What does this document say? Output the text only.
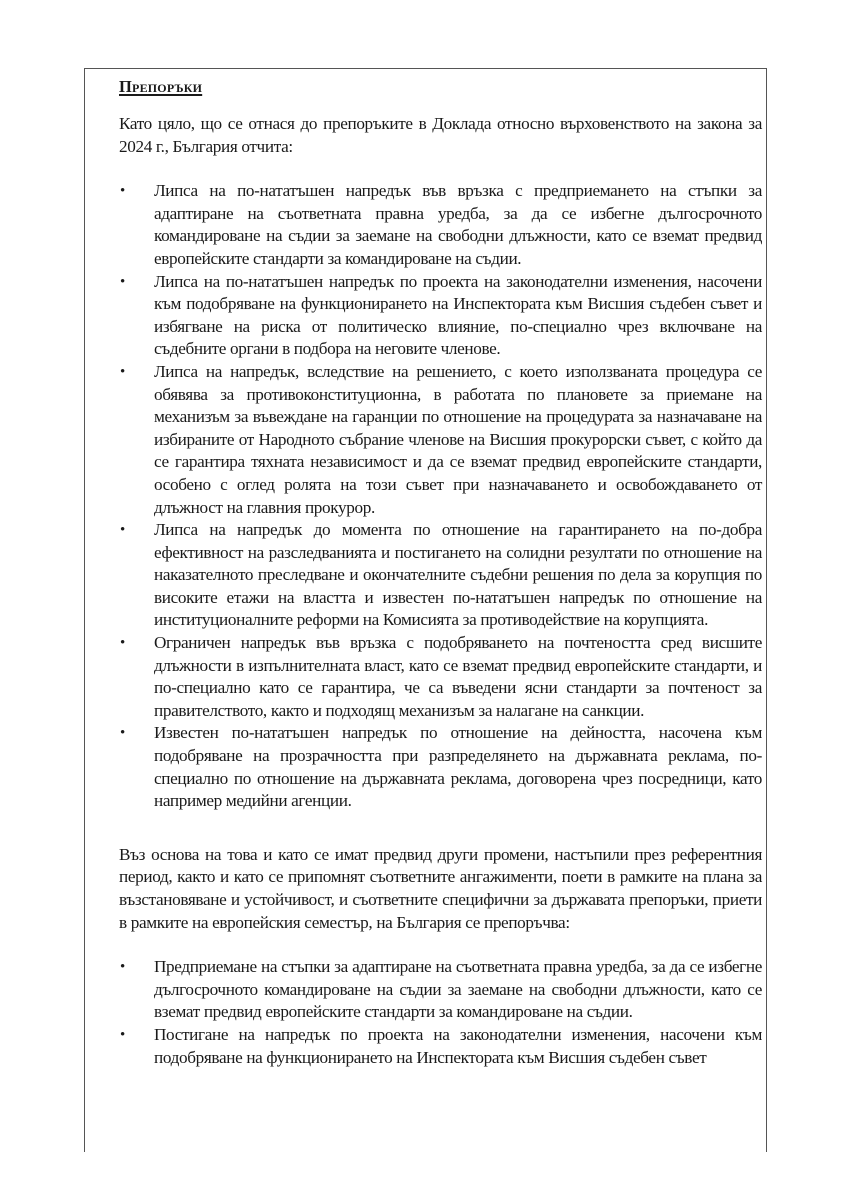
Препоръки

Като цяло, що се отнася до препоръките в Доклада относно върховенството на закона за 2024 г., България отчита:

• Липса на по-нататъшен напредък във връзка с предприемането на стъпки за адаптиране на съответната правна уредба, за да се избегне дългосрочното командироване на съдии за заемане на свободни длъжности, като се вземат предвид европейските стандарти за командироване на съдии.
• Липса на по-нататъшен напредък по проекта на законодателни изменения, насочени към подобряване на функционирането на Инспектората към Висшия съдебен съвет и избягване на риска от политическо влияние, по-специално чрез включване на съдебните органи в подбора на неговите членове.
• Липса на напредък, вследствие на решението, с което използваната процедура се обявява за противоконституционна, в работата по плановете за приемане на механизъм за въвеждане на гаранции по отношение на процедурата за назначаване на избираните от Народното събрание членове на Висшия прокурорски съвет, с който да се гарантира тяхната независимост и да се вземат предвид европейските стандарти, особено с оглед ролята на този съвет при назначаването и освобождаването от длъжност на главния прокурор.
• Липса на напредък до момента по отношение на гарантирането на по-добра ефективност на разследванията и постигането на солидни резултати по отношение на наказателното преследване и окончателните съдебни решения по дела за корупция по високите етажи на властта и известен по-нататъшен напредък по отношение на институционалните реформи на Комисията за противодействие на корупцията.
• Ограничен напредък във връзка с подобряването на почтеността сред висшите длъжности в изпълнителната власт, като се вземат предвид европейските стандарти, и по-специално като се гарантира, че са въведени ясни стандарти за почтеност за правителството, както и подходящ механизъм за налагане на санкции.
• Известен по-нататъшен напредък по отношение на дейността, насочена към подобряване на прозрачността при разпределянето на държавната реклама, по-специално по отношение на държавната реклама, договорена чрез посредници, като например медийни агенции.

Въз основа на това и като се имат предвид други промени, настъпили през референтния период, както и като се припомнят съответните ангажименти, поети в рамките на плана за възстановяване и устойчивост, и съответните специфични за държавата препоръки, приети в рамките на европейския семестър, на България се препоръчва:

• Предприемане на стъпки за адаптиране на съответната правна уредба, за да се избегне дългосрочното командироване на съдии за заемане на свободни длъжности, като се вземат предвид европейските стандарти за командироване на съдии.
• Постигане на напредък по проекта на законодателни изменения, насочени към подобряване на функционирането на Инспектората към Висшия съдебен съвет
